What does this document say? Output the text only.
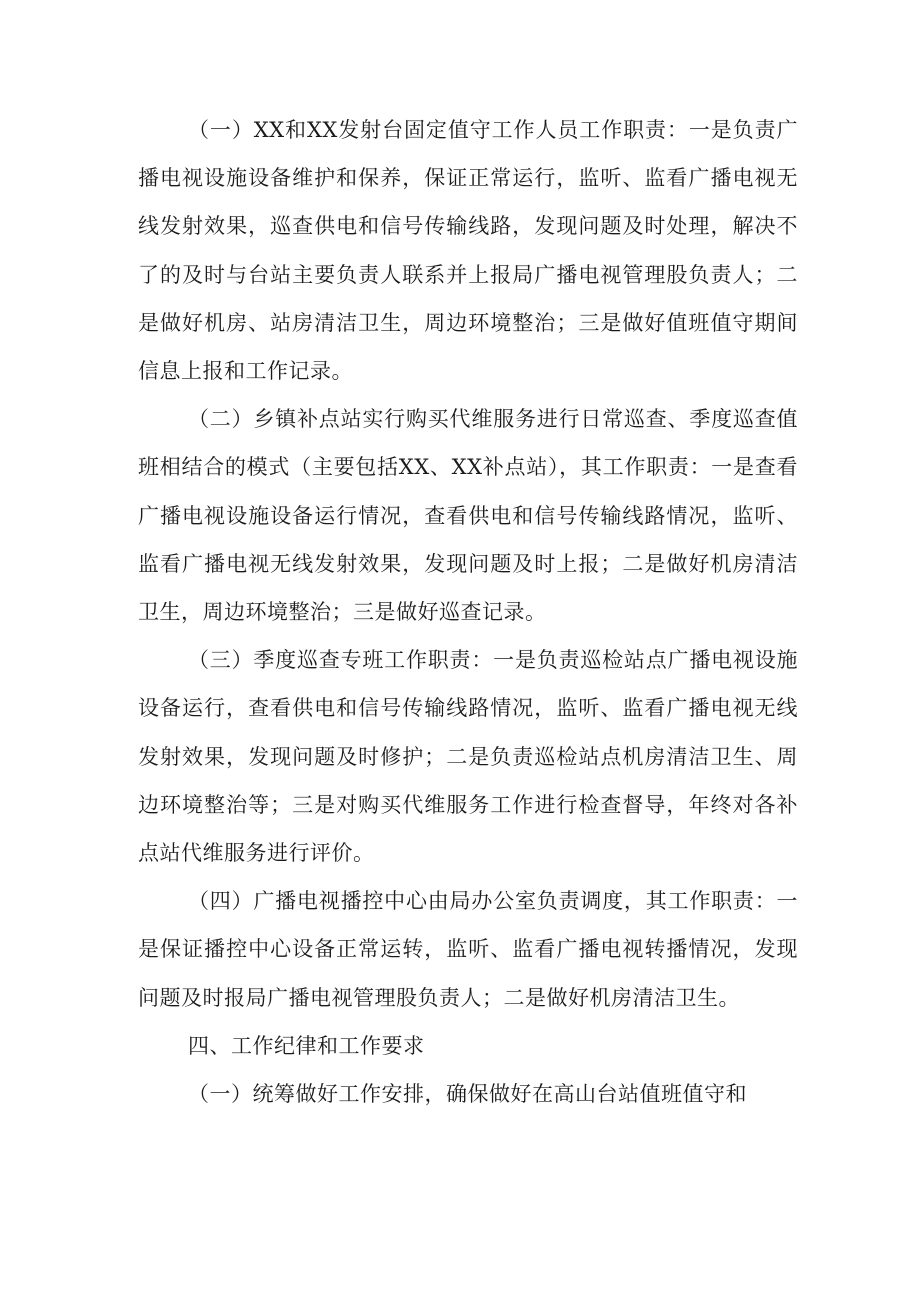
（一）XX和XX发射台固定值守工作人员工作职责：一是负责广播电视设施设备维护和保养，保证正常运行，监听、监看广播电视无线发射效果，巡查供电和信号传输线路，发现问题及时处理，解决不了的及时与台站主要负责人联系并上报局广播电视管理股负责人；二是做好机房、站房清洁卫生，周边环境整治；三是做好值班值守期间信息上报和工作记录。

（二）乡镇补点站实行购买代维服务进行日常巡查、季度巡查值班相结合的模式（主要包括XX、XX补点站），其工作职责：一是查看广播电视设施设备运行情况，查看供电和信号传输线路情况，监听、监看广播电视无线发射效果，发现问题及时上报；二是做好机房清洁卫生，周边环境整治；三是做好巡查记录。

（三）季度巡查专班工作职责：一是负责巡检站点广播电视设施设备运行，查看供电和信号传输线路情况，监听、监看广播电视无线发射效果，发现问题及时修护；二是负责巡检站点机房清洁卫生、周边环境整治等；三是对购买代维服务工作进行检查督导，年终对各补点站代维服务进行评价。

（四）广播电视播控中心由局办公室负责调度，其工作职责：一是保证播控中心设备正常运转，监听、监看广播电视转播情况，发现问题及时报局广播电视管理股负责人；二是做好机房清洁卫生。

四、工作纪律和工作要求

（一）统筹做好工作安排，确保做好在高山台站值班值守和
